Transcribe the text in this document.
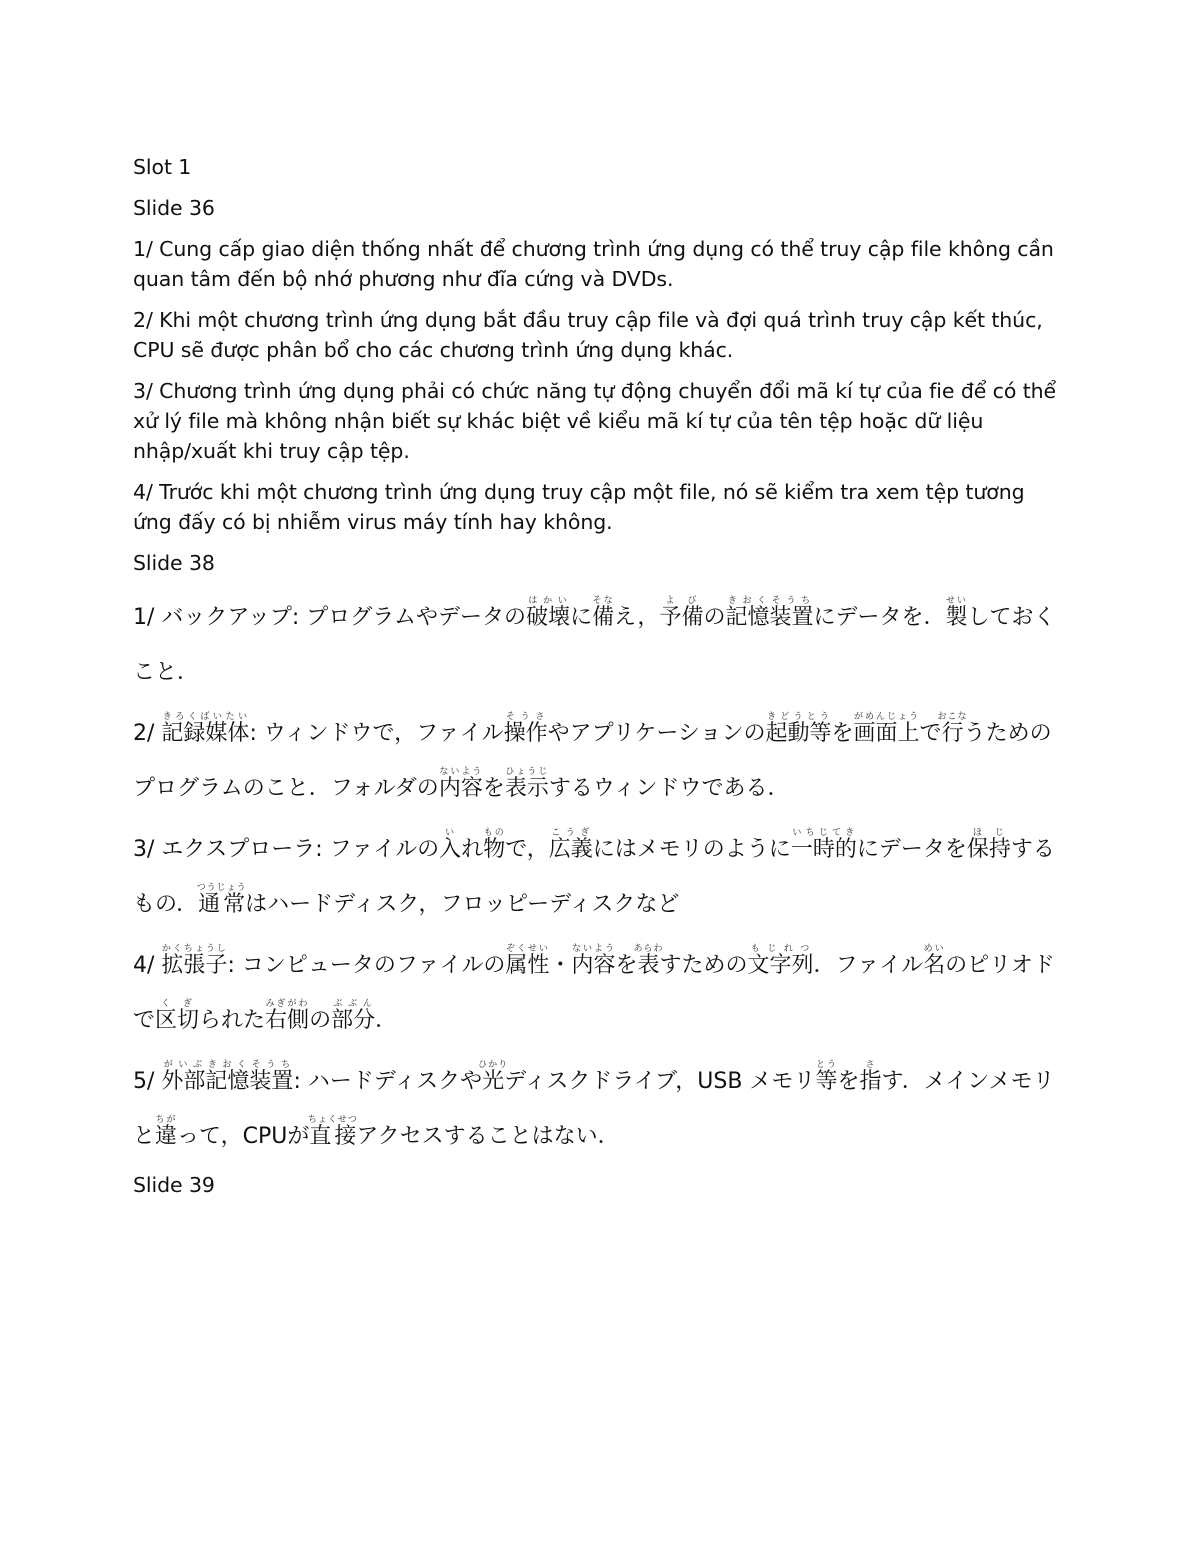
Slot 1

Slide 36

1/ Cung cấp giao diện thống nhất để chương trình ứng dụng có thể truy cập file không cần quan tâm đến bộ nhớ phương như đĩa cứng và DVDs.

2/ Khi một chương trình ứng dụng bắt đầu truy cập file và đợi quá trình truy cập kết thúc, CPU sẽ được phân bổ cho các chương trình ứng dụng khác.

3/ Chương trình ứng dụng phải có chức năng tự động chuyển đổi mã kí tự của fie để có thể xử lý file mà không nhận biết sự khác biệt về kiểu mã kí tự của tên tệp hoặc dữ liệu nhập/xuất khi truy cập tệp.

4/ Trước khi một chương trình ứng dụng truy cập một file, nó sẽ kiểm tra xem tệp tương ứng đấy có bị nhiễm virus máy tính hay không.

Slide 38

1/ バックアップ: プログラムやデータの破壊はかいに備そなえ，予備よびの記憶装置きおくそうちにデータを．製せいしておくこと．

2/ 記録媒体きろくばいたい: ウィンドウで，ファイル操作そうさやアプリケーションの起動等きどうとうを画面上がめんじょうで行おこなうためのプログラムのこと．フォルダの内容ないようを表示ひょうじするウィンドウである．

3/ エクスプローラ: ファイルの入いれ物もので，広義こうぎにはメモリのように一時的いちじてきにデータを保持ほじするもの．通常つうじょうはハードディスク，フロッピーディスクなど

4/ 拡張子かくちょうし: コンピュータのファイルの属性ぞくせい・内容ないようを表あらわすための文字列もじれつ．ファイル名めいのピリオドで区切くぎられた右側みぎがわの部分ぶぶん．

5/ 外部記憶装置がいぶきおくそうち: ハードディスクや光ひかりディスクドライブ，USB メモリ等とうを指さす．メインメモリと違ちがって，CPUが直接ちょくせつアクセスすることはない．

Slide 39
